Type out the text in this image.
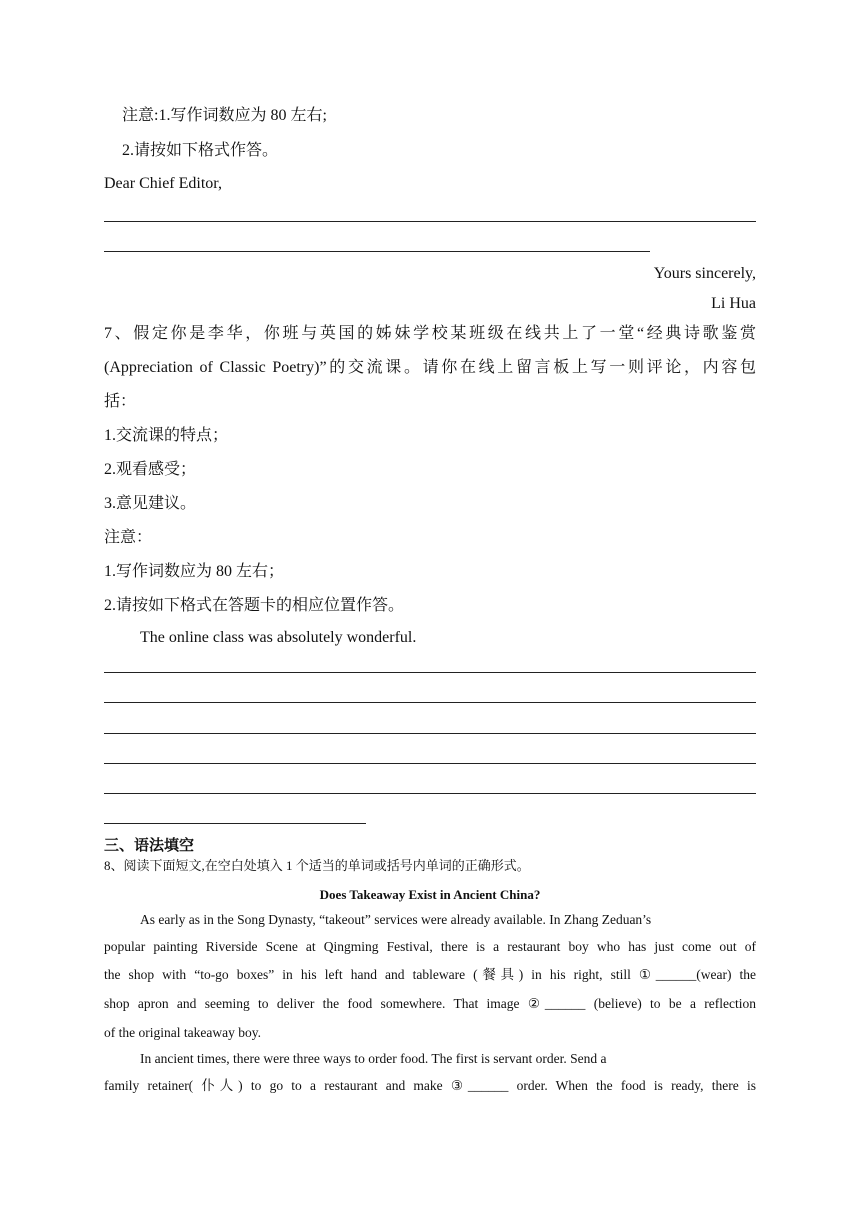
注意:1.写作词数应为 80 左右;
2.请按如下格式作答。
Dear Chief Editor,
Yours sincerely,
Li Hua
7、假定你是李华，你班与英国的姊妹学校某班级在线共上了一堂“经典诗歌鉴赏
(Appreciation of Classic Poetry)”的交流课。请你在线上留言板上写一则评论，内容包
括：
1.交流课的特点；
2.观看感受；
3.意见建议。
注意：
1.写作词数应为 80 左右；
2.请按如下格式在答题卡的相应位置作答。
The online class was absolutely wonderful.
三、语法填空
8、阅读下面短文,在空白处填入 1 个适当的单词或括号内单词的正确形式。
Does Takeaway Exist in Ancient China?
As early as in the Song Dynasty, “takeout” services were already available. In Zhang Zeduan’s
popular painting Riverside Scene at Qingming Festival, there is a restaurant boy who has just come out of
the shop with “to-go boxes” in his left hand and tableware (餐具) in his right, still ①______(wear) the
shop apron and seeming to deliver the food somewhere. That image ②______ (believe) to be a reflection
of the original takeaway boy.
In ancient times, there were three ways to order food. The first is servant order. Send a
family retainer( 仆人) to go to a restaurant and make ③______ order. When the food is ready, there is
